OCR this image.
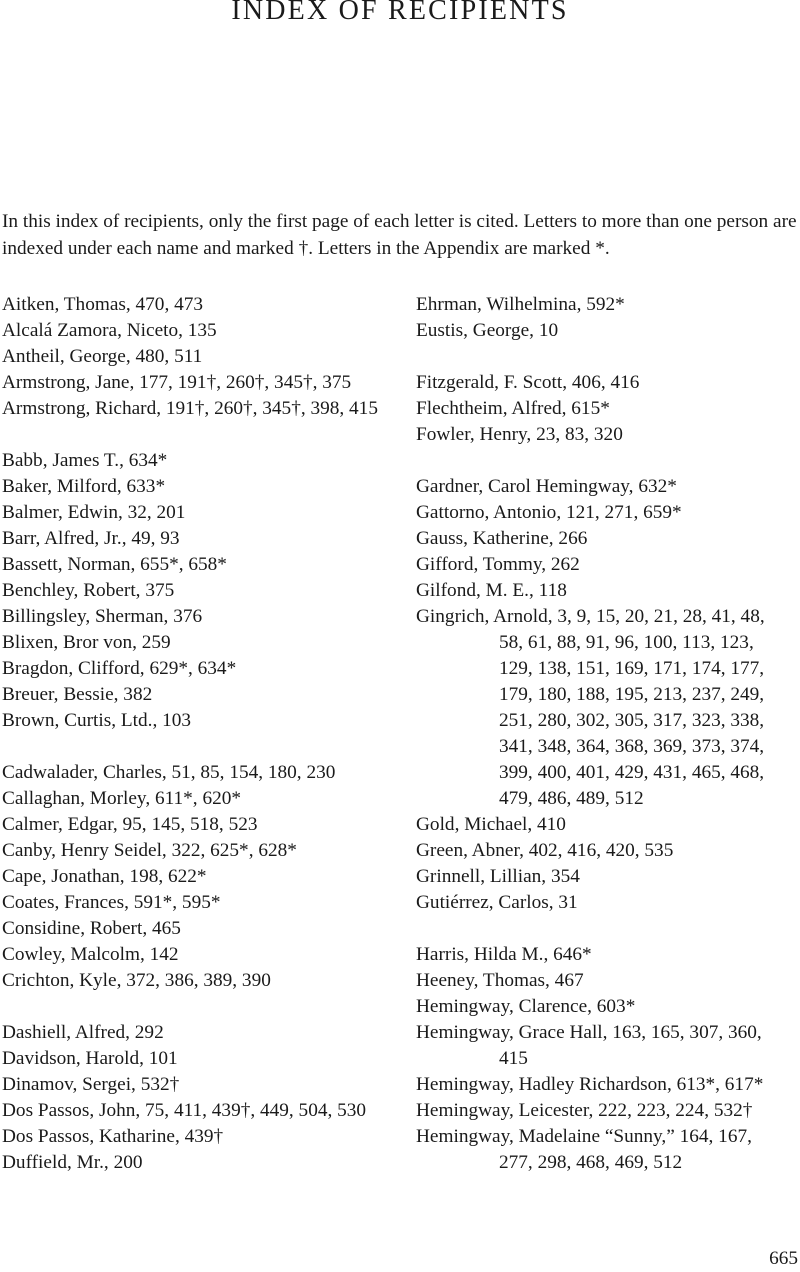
INDEX OF RECIPIENTS

In this index of recipients, only the first page of each letter is cited. Letters to more than one person are indexed under each name and marked †. Letters in the Appendix are marked *.

Aitken, Thomas, 470, 473
Alcalá Zamora, Niceto, 135
Antheil, George, 480, 511
Armstrong, Jane, 177, 191†, 260†, 345†, 375
Armstrong, Richard, 191†, 260†, 345†, 398, 415
Babb, James T., 634*
Baker, Milford, 633*
Balmer, Edwin, 32, 201
Barr, Alfred, Jr., 49, 93
Bassett, Norman, 655*, 658*
Benchley, Robert, 375
Billingsley, Sherman, 376
Blixen, Bror von, 259
Bragdon, Clifford, 629*, 634*
Breuer, Bessie, 382
Brown, Curtis, Ltd., 103
Cadwalader, Charles, 51, 85, 154, 180, 230
Callaghan, Morley, 611*, 620*
Calmer, Edgar, 95, 145, 518, 523
Canby, Henry Seidel, 322, 625*, 628*
Cape, Jonathan, 198, 622*
Coates, Frances, 591*, 595*
Considine, Robert, 465
Cowley, Malcolm, 142
Crichton, Kyle, 372, 386, 389, 390
Dashiell, Alfred, 292
Davidson, Harold, 101
Dinamov, Sergei, 532†
Dos Passos, John, 75, 411, 439†, 449, 504, 530
Dos Passos, Katharine, 439†
Duffield, Mr., 200
Ehrman, Wilhelmina, 592*
Eustis, George, 10
Fitzgerald, F. Scott, 406, 416
Flechtheim, Alfred, 615*
Fowler, Henry, 23, 83, 320
Gardner, Carol Hemingway, 632*
Gattorno, Antonio, 121, 271, 659*
Gauss, Katherine, 266
Gifford, Tommy, 262
Gilfond, M. E., 118
Gingrich, Arnold, 3, 9, 15, 20, 21, 28, 41, 48,
58, 61, 88, 91, 96, 100, 113, 123,
129, 138, 151, 169, 171, 174, 177,
179, 180, 188, 195, 213, 237, 249,
251, 280, 302, 305, 317, 323, 338,
341, 348, 364, 368, 369, 373, 374,
399, 400, 401, 429, 431, 465, 468,
479, 486, 489, 512
Gold, Michael, 410
Green, Abner, 402, 416, 420, 535
Grinnell, Lillian, 354
Gutiérrez, Carlos, 31
Harris, Hilda M., 646*
Heeney, Thomas, 467
Hemingway, Clarence, 603*
Hemingway, Grace Hall, 163, 165, 307, 360,
415
Hemingway, Hadley Richardson, 613*, 617*
Hemingway, Leicester, 222, 223, 224, 532†
Hemingway, Madelaine “Sunny,” 164, 167,
277, 298, 468, 469, 512
665
